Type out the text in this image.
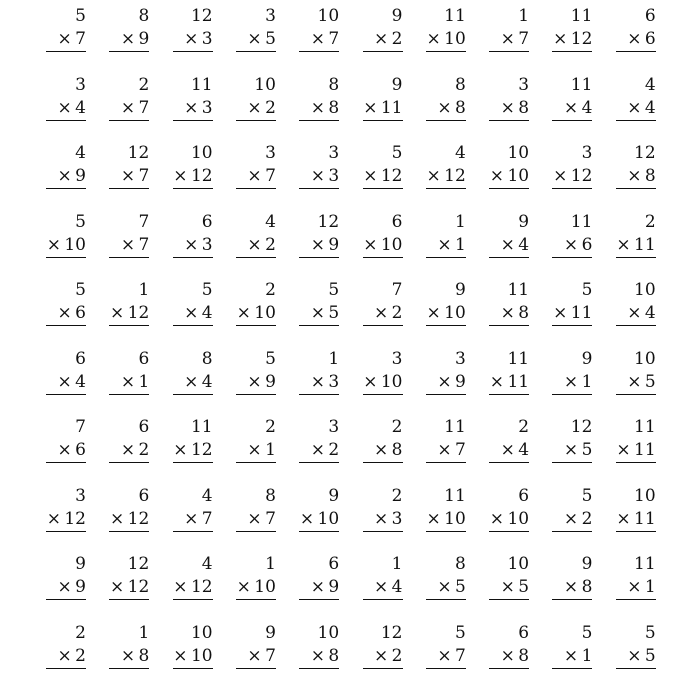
5
×  7
8
×  9
12
×  3
3
×  5
10
×  7
9
×  2
11
×  10
1
×  7
11
×  12
6
×  6
3
×  4
2
×  7
11
×  3
10
×  2
8
×  8
9
×  11
8
×  8
3
×  8
11
×  4
4
×  4
4
×  9
12
×  7
10
×  12
3
×  7
3
×  3
5
×  12
4
×  12
10
×  10
3
×  12
12
×  8
5
×  10
7
×  7
6
×  3
4
×  2
12
×  9
6
×  10
1
×  1
9
×  4
11
×  6
2
×  11
5
×  6
1
×  12
5
×  4
2
×  10
5
×  5
7
×  2
9
×  10
11
×  8
5
×  11
10
×  4
6
×  4
6
×  1
8
×  4
5
×  9
1
×  3
3
×  10
3
×  9
11
×  11
9
×  1
10
×  5
7
×  6
6
×  2
11
×  12
2
×  1
3
×  2
2
×  8
11
×  7
2
×  4
12
×  5
11
×  11
3
×  12
6
×  12
4
×  7
8
×  7
9
×  10
2
×  3
11
×  10
6
×  10
5
×  2
10
×  11
9
×  9
12
×  12
4
×  12
1
×  10
6
×  9
1
×  4
8
×  5
10
×  5
9
×  8
11
×  1
2
×  2
1
×  8
10
×  10
9
×  7
10
×  8
12
×  2
5
×  7
6
×  8
5
×  1
5
×  5
